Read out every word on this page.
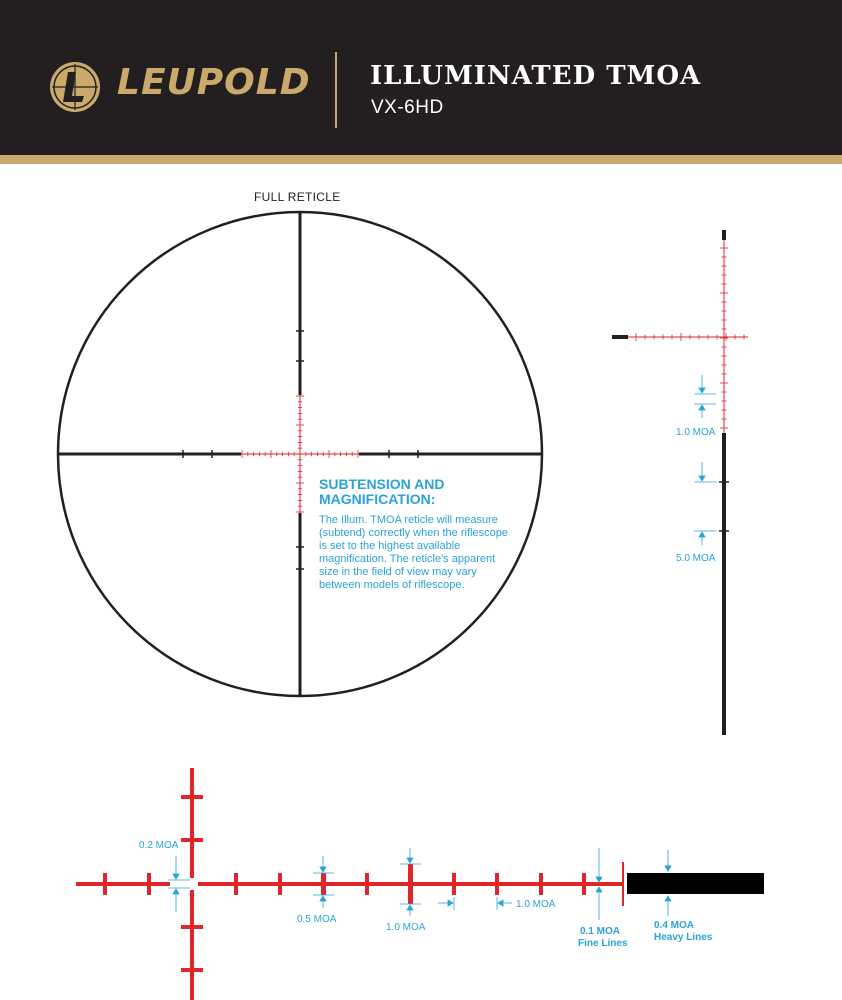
LEUPOLD ILLUMINATED TMOA
VX-6HD
FULL RETICLE
1.0 MOA
5.0 MOA
0.2 MOA
0.5 MOA
1.0 MOA
1.0 MOA
0.1 MOA
Fine Lines
0.4 MOA
Heavy Lines
SUBTENSION AND
MAGNIFICATION:
The Illum. TMOA reticle will measure (subtend) correctly when the riflescope is set to the highest available magnification. The reticle's apparent size in the field of view may vary between models of riflescope.
